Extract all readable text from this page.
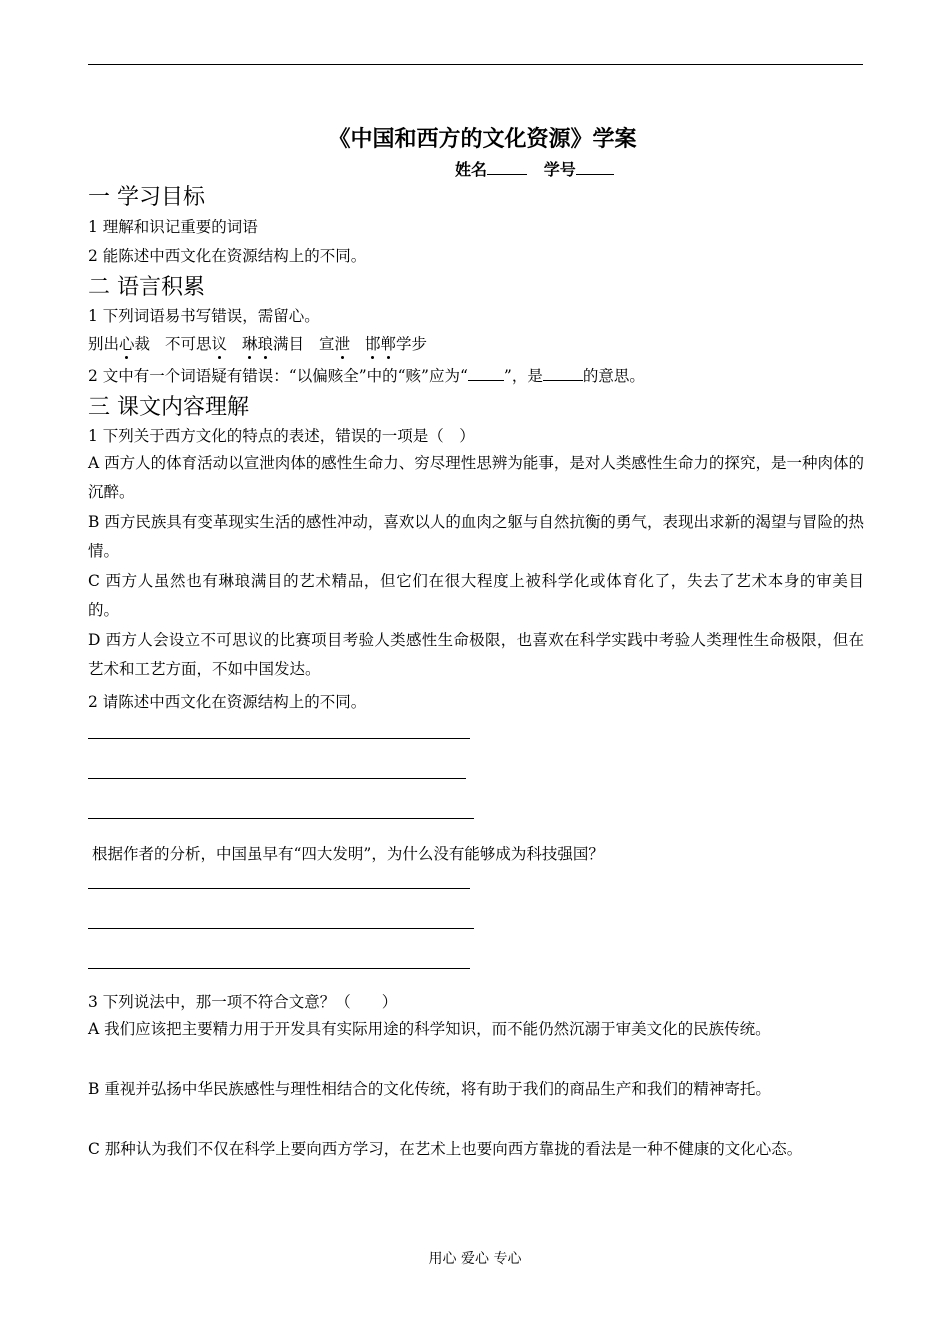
《中国和西方的文化资源》学案
姓名	学号
一 学习目标
1 理解和识记重要的词语
2 能陈述中西文化在资源结构上的不同。
二 语言积累
1 下列词语易书写错误，需留心。
别出心裁 不可思议 琳琅满目 宣泄 邯郸学步
2 文中有一个词语疑有错误：“以偏赅全”中的“赅”应为“ ”，是	的意思。
三 课文内容理解
1 下列关于西方文化的特点的表述，错误的一项是（　）
A 西方人的体育活动以宣泄肉体的感性生命力、穷尽理性思辨为能事，是对人类感性生命力的探究，是一种肉体的沉醉。
B 西方民族具有变革现实生活的感性冲动，喜欢以人的血肉之躯与自然抗衡的勇气，表现出求新的渴望与冒险的热情。
C 西方人虽然也有琳琅满目的艺术精品，但它们在很大程度上被科学化或体育化了，失去了艺术本身的审美目的。
D 西方人会设立不可思议的比赛项目考验人类感性生命极限，也喜欢在科学实践中考验人类理性生命极限，但在艺术和工艺方面，不如中国发达。
2 请陈述中西文化在资源结构上的不同。
根据作者的分析，中国虽早有“四大发明”，为什么没有能够成为科技强国？
3 下列说法中，那一项不符合文意？（　　）
A 我们应该把主要精力用于开发具有实际用途的科学知识，而不能仍然沉溺于审美文化的民族传统。
B 重视并弘扬中华民族感性与理性相结合的文化传统，将有助于我们的商品生产和我们的精神寄托。
C 那种认为我们不仅在科学上要向西方学习，在艺术上也要向西方靠拢的看法是一种不健康的文化心态。
用心 爱心 专心
